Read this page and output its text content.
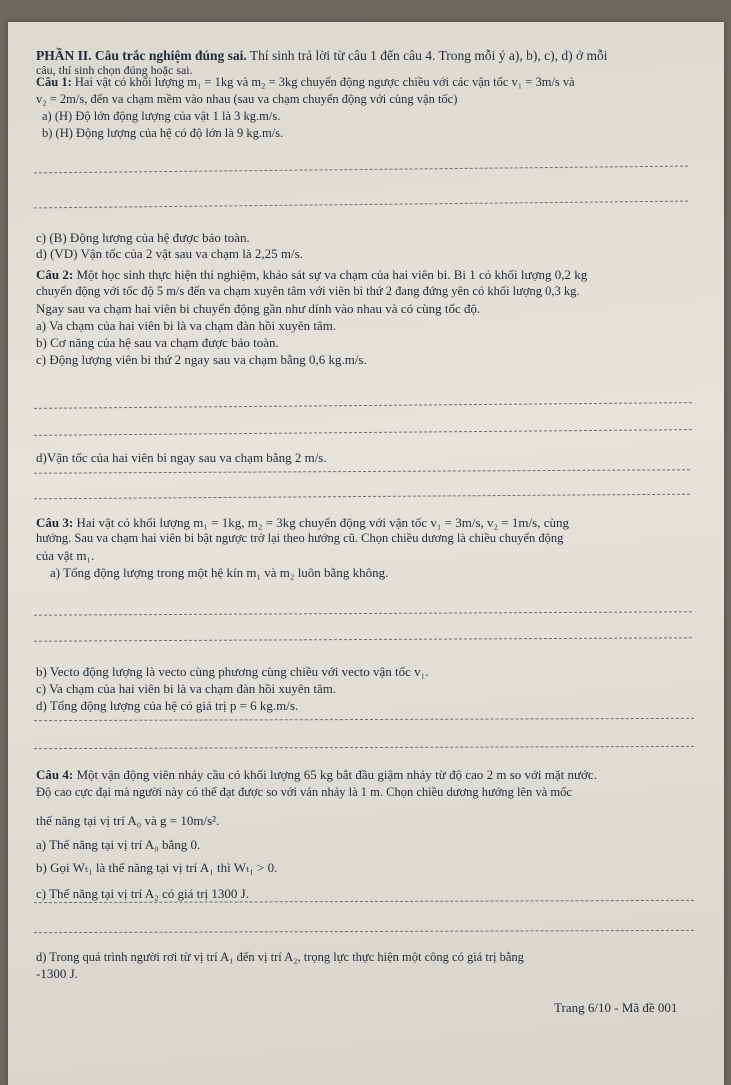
PHẦN II. Câu trắc nghiệm đúng sai. Thí sinh trả lời từ câu 1 đến câu 4. Trong mỗi ý a), b), c), d) ở mỗi
câu, thí sinh chọn đúng hoặc sai.
Câu 1: Hai vật có khối lượng m₁ = 1kg và m₂ = 3kg chuyển động ngược chiều với các vận tốc v₁ = 3m/s và
v₂ = 2m/s, đến va chạm mềm vào nhau (sau va chạm chuyển động với cùng vận tốc)
a) (H) Độ lớn động lượng của vật 1 là 3 kg.m/s.
b) (H) Động lượng của hệ có độ lớn là 9 kg.m/s.
c) (B) Động lượng của hệ được bảo toàn.
d) (VD) Vận tốc của 2 vật sau va chạm là 2,25 m/s.
Câu 2: Một học sinh thực hiện thí nghiệm, khảo sát sự va chạm của hai viên bi. Bi 1 có khối lượng 0,2 kg
chuyển động với tốc độ 5 m/s đến va chạm xuyên tâm với viên bi thứ 2 đang đứng yên có khối lượng 0,3 kg.
Ngay sau va chạm hai viên bi chuyển động gần như dính vào nhau và có cùng tốc độ.
a) Va chạm của hai viên bi là va chạm đàn hồi xuyên tâm.
b) Cơ năng của hệ sau va chạm được bảo toàn.
c) Động lượng viên bi thứ 2 ngay sau va chạm bằng 0,6 kg.m/s.
d)Vận tốc của hai viên bi ngay sau va chạm bằng 2 m/s.
Câu 3: Hai vật có khối lượng m₁ = 1kg, m₂ = 3kg chuyển động với vận tốc v₁ = 3m/s, v₂ = 1m/s, cùng
hướng. Sau va chạm hai viên bi bật ngược trở lại theo hướng cũ. Chọn chiều dương là chiều chuyển động
của vật m₁.
a) Tổng động lượng trong một hệ kín m₁ và m₂ luôn bằng không.
b) Vecto động lượng là vecto cùng phương cùng chiều với vecto vận tốc v₁.
c) Va chạm của hai viên bi là va chạm đàn hồi xuyên tâm.
d) Tổng động lượng của hệ có giá trị p = 6 kg.m/s.
Câu 4: Một vận động viên nhảy cầu có khối lượng 65 kg bắt đầu giậm nhảy từ độ cao 2 m so với mặt nước.
Độ cao cực đại mà người này có thể đạt được so với ván nhảy là 1 m. Chọn chiều dương hướng lên và mốc
thế năng tại vị trí A₀ và g = 10m/s².
a) Thế năng tại vị trí A₀ bằng 0.
b) Gọi Wₜ₁ là thế năng tại vị trí A₁ thì Wₜ₁ > 0.
c) Thế năng tại vị trí A₂ có giá trị 1300 J.
d) Trong quá trình người rơi từ vị trí A₁ đến vị trí A₂, trọng lực thực hiện một công có giá trị bằng
-1300 J.
Trang 6/10 - Mã đề 001
